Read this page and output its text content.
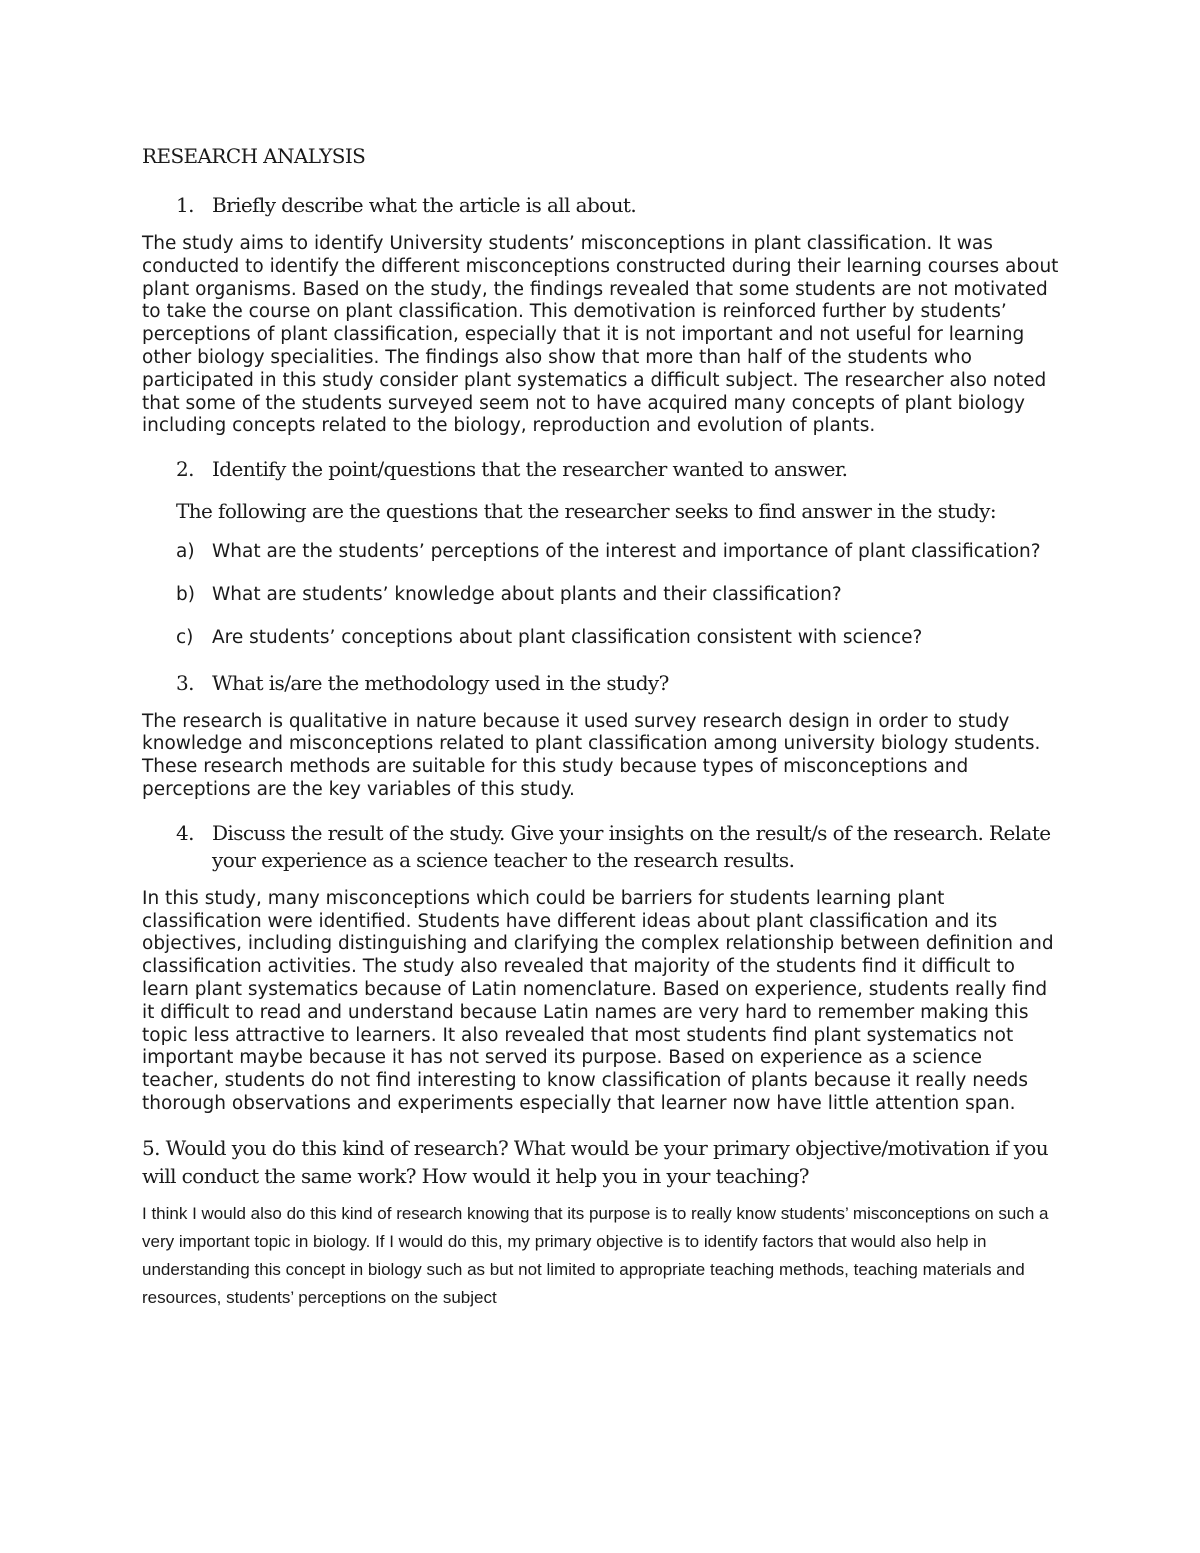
RESEARCH ANALYSIS
1. Briefly describe what the article is all about.

The study aims to identify University students’ misconceptions in plant classification. It was conducted to identify the different misconceptions constructed during their learning courses about plant organisms. Based on the study, the findings revealed that some students are not motivated to take the course on plant classification. This demotivation is reinforced further by students’ perceptions of plant classification, especially that it is not important and not useful for learning other biology specialities. The findings also show that more than half of the students who participated in this study consider plant systematics a difficult subject. The researcher also noted that some of the students surveyed seem not to have acquired many concepts of plant biology including concepts related to the biology, reproduction and evolution of plants.

2. Identify the point/questions that the researcher wanted to answer.

The following are the questions that the researcher seeks to find answer in the study:

a) What are the students’ perceptions of the interest and importance of plant classification?
b) What are students’ knowledge about plants and their classification?
c)	Are students’ conceptions about plant classification consistent with science?
3. What is/are the methodology used in the study?

The research is qualitative in nature because it used survey research design in order to study knowledge and misconceptions related to plant classification among university biology students. These research methods are suitable for this study because types of misconceptions and perceptions are the key variables of this study.

4. Discuss the result of the study. Give your insights on the result/s of the research. Relate your experience as a science teacher to the research results.

In this study, many misconceptions which could be barriers for students learning plant classification were identified. Students have different ideas about plant classification and its objectives, including distinguishing and clarifying the complex relationship between definition and classification activities. The study also revealed that majority of the students find it difficult to learn plant systematics because of Latin nomenclature. Based on experience, students really find it difficult to read and understand because Latin names are very hard to remember making this topic less attractive to learners. It also revealed that most students find plant systematics not important maybe because it has not served its purpose. Based on experience as a science teacher, students do not find interesting to know classification of plants because it really needs thorough observations and experiments especially that learner now have little attention span.

5. Would you do this kind of research? What would be your primary objective/motivation if you will conduct the same work? How would it help you in your teaching?

I think I would also do this kind of research knowing that its purpose is to really know students’ misconceptions on such a very important topic in biology. If I would do this, my primary objective is to identify factors that would also help in understanding this concept in biology such as but not limited to appropriate teaching methods, teaching materials and resources, students’ perceptions on the subject
